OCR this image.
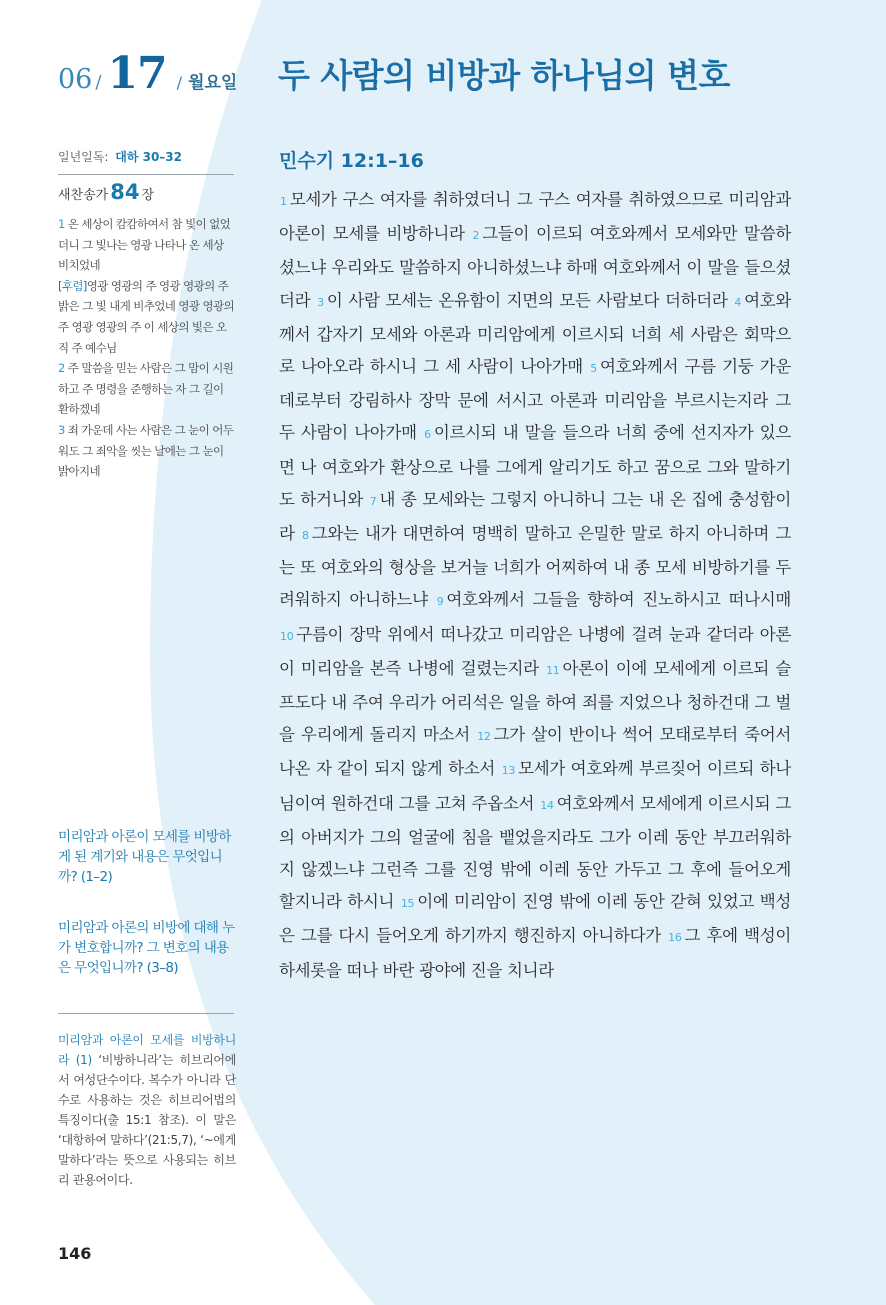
06 / 17 / 월요일 두 사람의 비방과 하나님의 변호
일년일독: 대하 30–32
새찬송가 84 장

1 온 세상이 캄캄하여서 참 빛이 없었더니 그 빛나는 영광 나타나 온 세상 비치었네

[후렴]영광 영광의 주 영광 영광의 주 밝은 그 빛 내게 비추었네 영광 영광의 주 영광 영광의 주 이 세상의 빛은 오직 주 예수님

2 주 말씀을 믿는 사람은 그 맘이 시원하고 주 명령을 준행하는 자 그 길이 환하겠네

3 죄 가운데 사는 사람은 그 눈이 어두워도 그 죄악을 씻는 날에는 그 눈이 밝아지네

미리암과 아론이 모세를 비방하게 된 계기와 내용은 무엇입니까? (1–2)
미리암과 아론의 비방에 대해 누가 변호합니까? 그 변호의 내용은 무엇입니까? (3–8)
미리암과 아론이 모세를 비방하니라 (1) ‘비방하니라’는 히브리어에서 여성단수이다. 복수가 아니라 단수로 사용하는 것은 히브리어법의 특징이다(출 15:1 참조). 이 말은 ‘대항하여 말하다’(21:5,7), ‘~에게 말하다’라는 뜻으로 사용되는 히브리 관용어이다.
146
민수기 12:1–16
1 모세가 구스 여자를 취하였더니 그 구스 여자를 취하였으므로 미리암과 아론이 모세를 비방하니라 2 그들이 이르되 여호와께서 모세와만 말씀하셨느냐 우리와도 말씀하지 아니하셨느냐 하매 여호와께서 이 말을 들으셨더라 3 이 사람 모세는 온유함이 지면의 모든 사람보다 더하더라 4 여호와께서 갑자기 모세와 아론과 미리암에게 이르시되 너희 세 사람은 회막으로 나아오라 하시니 그 세 사람이 나아가매 5 여호와께서 구름 기둥 가운데로부터 강림하사 장막 문에 서시고 아론과 미리암을 부르시는지라 그 두 사람이 나아가매 6 이르시되 내 말을 들으라 너희 중에 선지자가 있으면 나 여호와가 환상으로 나를 그에게 알리기도 하고 꿈으로 그와 말하기도 하거니와 7 내 종 모세와는 그렇지 아니하니 그는 내 온 집에 충성함이라 8 그와는 내가 대면하여 명백히 말하고 은밀한 말로 하지 아니하며 그는 또 여호와의 형상을 보거늘 너희가 어찌하여 내 종 모세 비방하기를 두려워하지 아니하느냐 9 여호와께서 그들을 향하여 진노하시고 떠나시매 10 구름이 장막 위에서 떠나갔고 미리암은 나병에 걸려 눈과 같더라 아론이 미리암을 본즉 나병에 걸렸는지라 11 아론이 이에 모세에게 이르되 슬프도다 내 주여 우리가 어리석은 일을 하여 죄를 지었으나 청하건대 그 벌을 우리에게 돌리지 마소서 12 그가 살이 반이나 썩어 모태로부터 죽어서 나온 자 같이 되지 않게 하소서 13 모세가 여호와께 부르짖어 이르되 하나님이여 원하건대 그를 고쳐 주옵소서 14 여호와께서 모세에게 이르시되 그의 아버지가 그의 얼굴에 침을 뱉었을지라도 그가 이레 동안 부끄러워하지 않겠느냐 그런즉 그를 진영 밖에 이레 동안 가두고 그 후에 들어오게 할지니라 하시니 15 이에 미리암이 진영 밖에 이레 동안 갇혀 있었고 백성은 그를 다시 들어오게 하기까지 행진하지 아니하다가 16 그 후에 백성이 하세롯을 떠나 바란 광야에 진을 치니라
